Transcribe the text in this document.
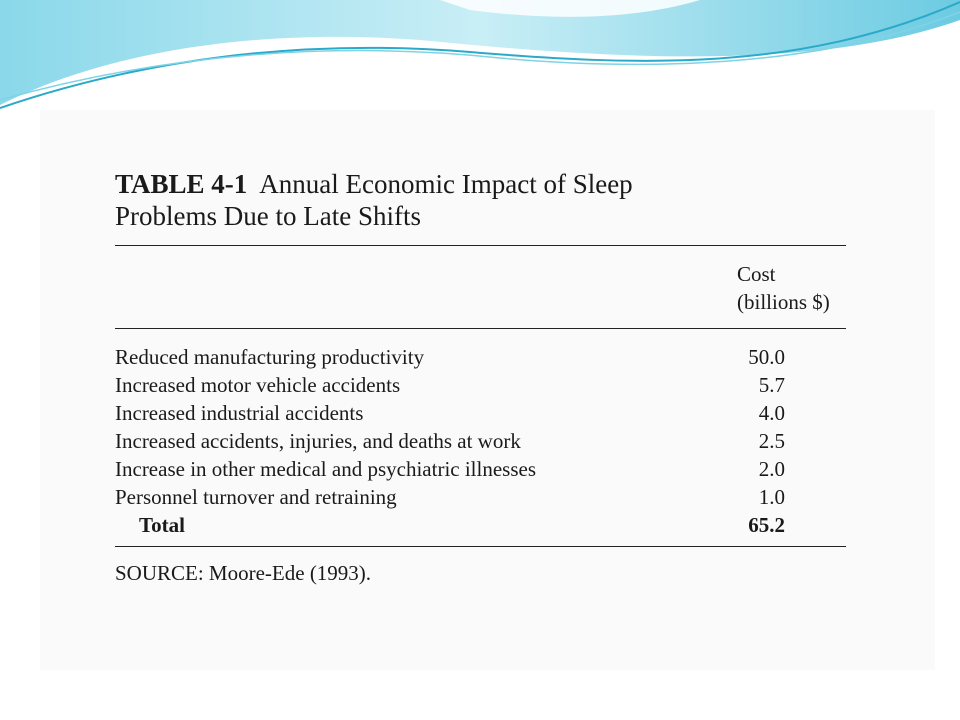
TABLE 4-1 Annual Economic Impact of Sleep

Problems Due to Late Shifts

Cost
(billions $)
Reduced manufacturing productivity	50.0
Increased motor vehicle accidents	5.7
Increased industrial accidents	4.0
Increased accidents, injuries, and deaths at work	2.5
Increase in other medical and psychiatric illnesses	2.0
Personnel turnover and retraining	1.0
Total	65.2
SOURCE: Moore-Ede (1993).
